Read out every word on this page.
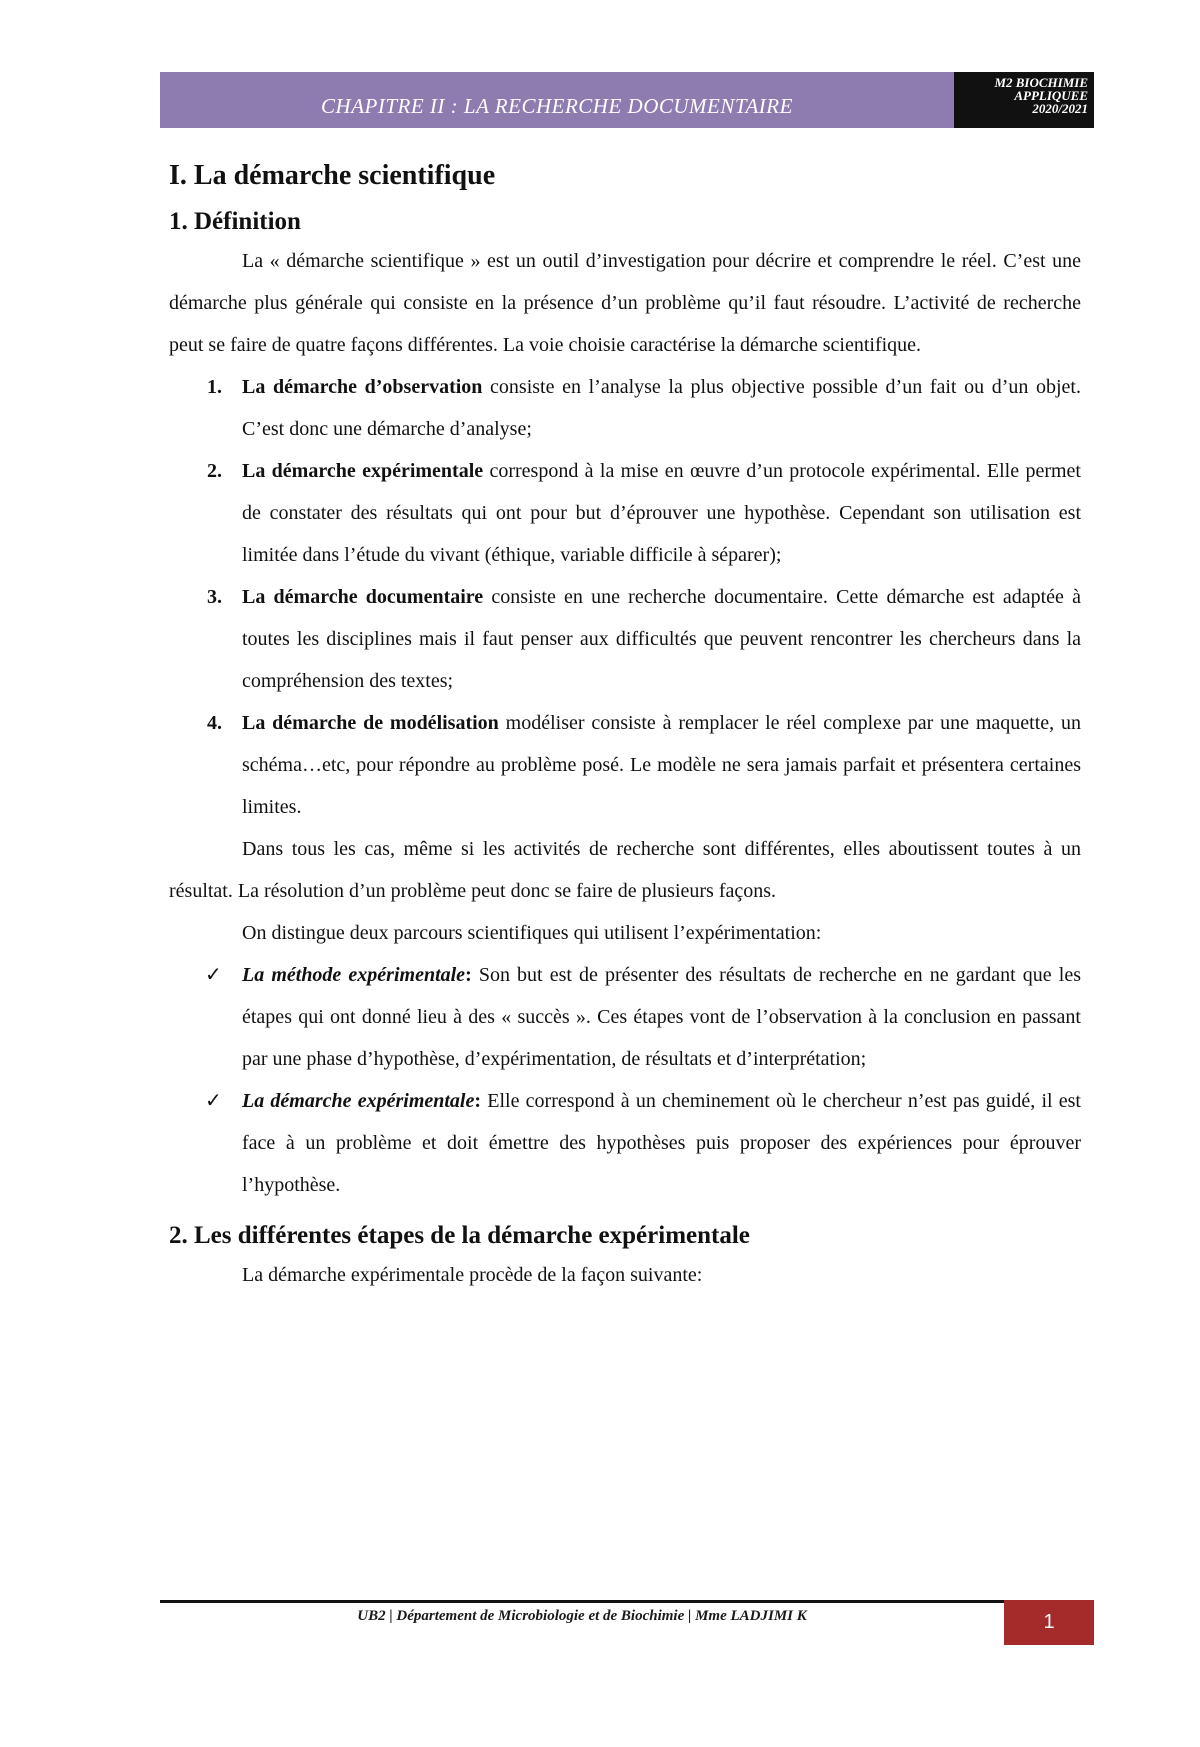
CHAPITRE II : LA RECHERCHE DOCUMENTAIRE
M2 BIOCHIMIE
APPLIQUEE
2020/2021
I. La démarche scientifique
1. Définition

La « démarche scientifique » est un outil d’investigation pour décrire et comprendre le réel. C’est une démarche plus générale qui consiste en la présence d’un problème qu’il faut résoudre. L’activité de recherche peut se faire de quatre façons différentes. La voie choisie caractérise la démarche scientifique.

1. La démarche d’observation consiste en l’analyse la plus objective possible d’un fait ou d’un objet. C’est donc une démarche d’analyse;
2. La démarche expérimentale correspond à la mise en œuvre d’un protocole expérimental. Elle permet de constater des résultats qui ont pour but d’éprouver une hypothèse. Cependant son utilisation est limitée dans l’étude du vivant (éthique, variable difficile à séparer);
3. La démarche documentaire consiste en une recherche documentaire. Cette démarche est adaptée à toutes les disciplines mais il faut penser aux difficultés que peuvent rencontrer les chercheurs dans la compréhension des textes;
4. La démarche de modélisation modéliser consiste à remplacer le réel complexe par une maquette, un schéma…etc, pour répondre au problème posé. Le modèle ne sera jamais parfait et présentera certaines limites.

Dans tous les cas, même si les activités de recherche sont différentes, elles aboutissent toutes à un résultat. La résolution d’un problème peut donc se faire de plusieurs façons.

On distingue deux parcours scientifiques qui utilisent l’expérimentation:

✓ La méthode expérimentale: Son but est de présenter des résultats de recherche en ne gardant que les étapes qui ont donné lieu à des « succès ». Ces étapes vont de l’observation à la conclusion en passant par une phase d’hypothèse, d’expérimentation, de résultats et d’interprétation;
✓ La démarche expérimentale: Elle correspond à un cheminement où le chercheur n’est pas guidé, il est face à un problème et doit émettre des hypothèses puis proposer des expériences pour éprouver l’hypothèse.
2. Les différentes étapes de la démarche expérimentale

La démarche expérimentale procède de la façon suivante:

UB2 | Département de Microbiologie et de Biochimie | Mme LADJIMI K	1
